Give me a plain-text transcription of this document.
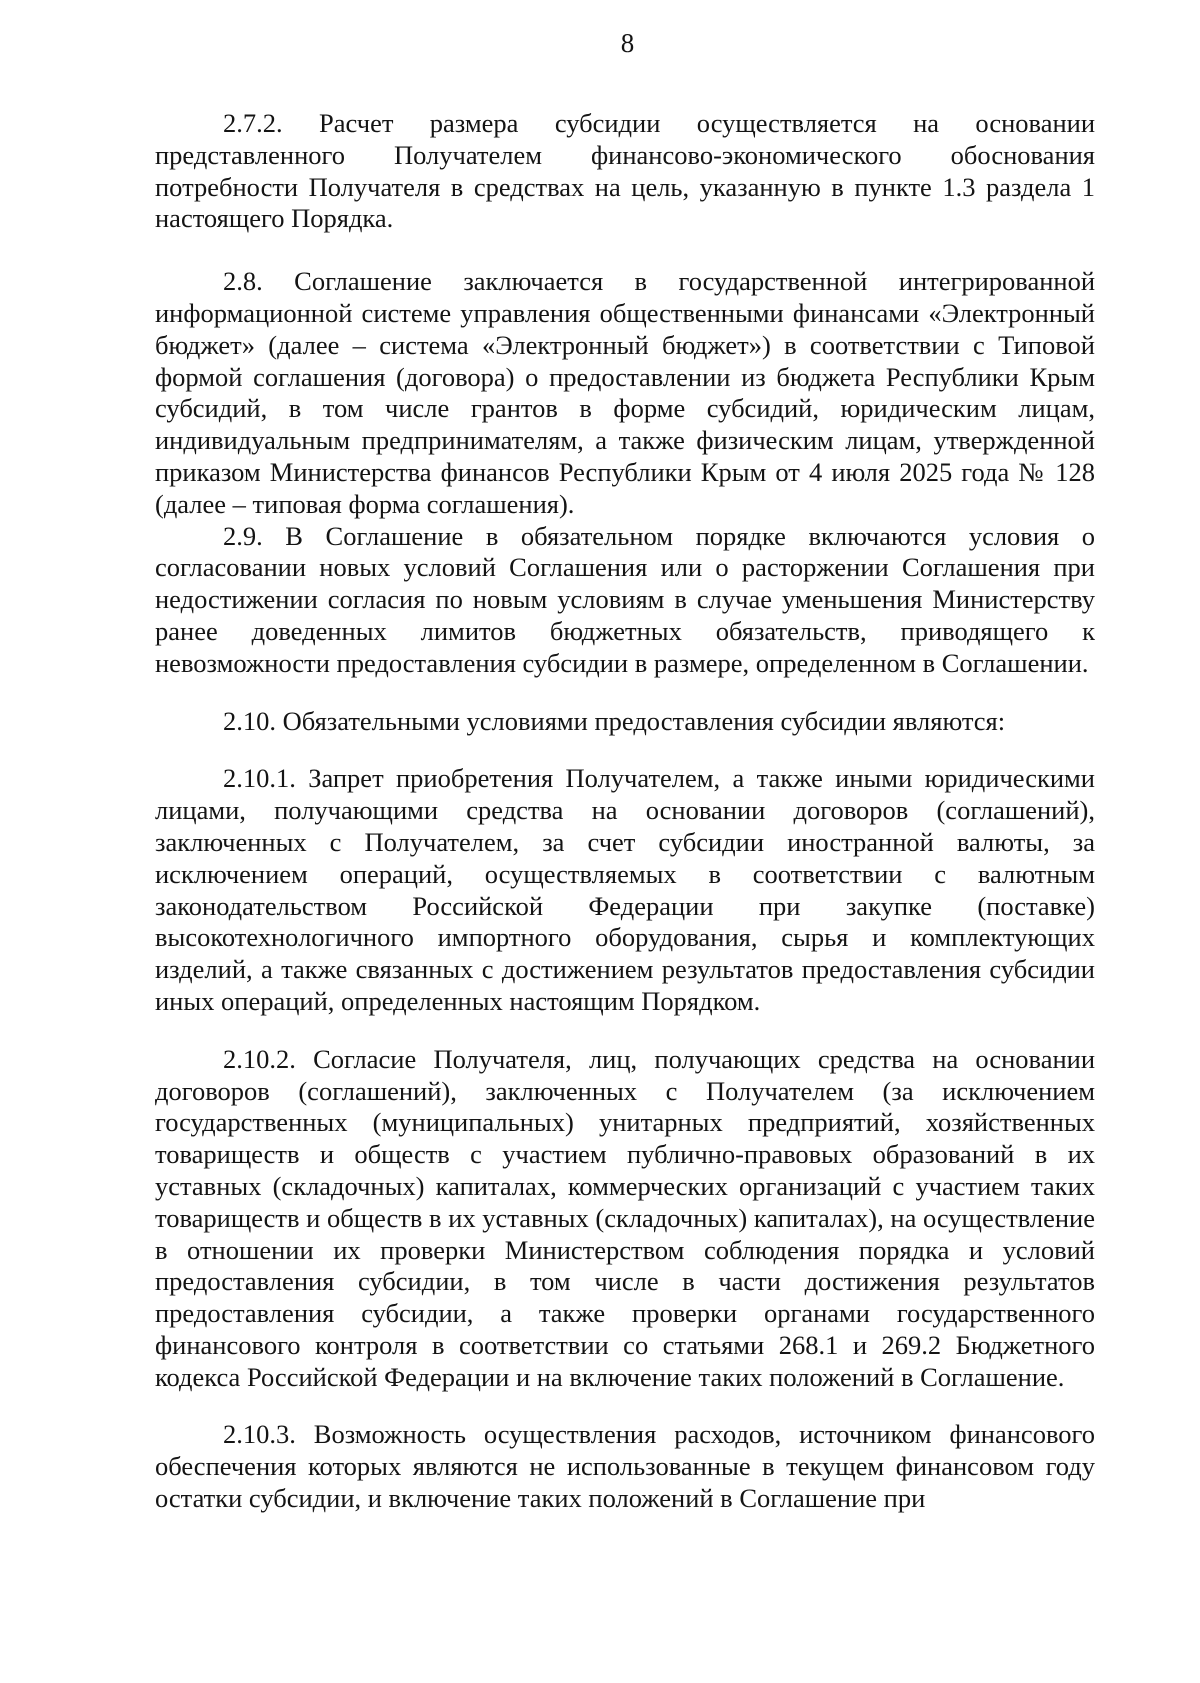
8

2.7.2. Расчет размера субсидии осуществляется на основании представленного Получателем финансово-экономического обоснования потребности Получателя в средствах на цель, указанную в пункте 1.3 раздела 1 настоящего Порядка.

2.8. Соглашение заключается в государственной интегрированной информационной системе управления общественными финансами «Электронный бюджет» (далее – система «Электронный бюджет») в соответствии с Типовой формой соглашения (договора) о предоставлении из бюджета Республики Крым субсидий, в том числе грантов в форме субсидий, юридическим лицам, индивидуальным предпринимателям, а также физическим лицам, утвержденной приказом Министерства финансов Республики Крым от 4 июля 2025 года № 128 (далее – типовая форма соглашения).

2.9. В Соглашение в обязательном порядке включаются условия о согласовании новых условий Соглашения или о расторжении Соглашения при недостижении согласия по новым условиям в случае уменьшения Министерству ранее доведенных лимитов бюджетных обязательств, приводящего к невозможности предоставления субсидии в размере, определенном в Соглашении.

2.10. Обязательными условиями предоставления субсидии являются:

2.10.1. Запрет приобретения Получателем, а также иными юридическими лицами, получающими средства на основании договоров (соглашений), заключенных с Получателем, за счет субсидии иностранной валюты, за исключением операций, осуществляемых в соответствии с валютным законодательством Российской Федерации при закупке (поставке) высокотехнологичного импортного оборудования, сырья и комплектующих изделий, а также связанных с достижением результатов предоставления субсидии иных операций, определенных настоящим Порядком.

2.10.2. Согласие Получателя, лиц, получающих средства на основании договоров (соглашений), заключенных с Получателем (за исключением государственных (муниципальных) унитарных предприятий, хозяйственных товариществ и обществ с участием публично-правовых образований в их уставных (складочных) капиталах, коммерческих организаций с участием таких товариществ и обществ в их уставных (складочных) капиталах), на осуществление в отношении их проверки Министерством соблюдения порядка и условий предоставления субсидии, в том числе в части достижения результатов предоставления субсидии, а также проверки органами государственного финансового контроля в соответствии со статьями 268.1 и 269.2 Бюджетного кодекса Российской Федерации и на включение таких положений в Соглашение.

2.10.3. Возможность осуществления расходов, источником финансового обеспечения которых являются не использованные в текущем финансовом году остатки субсидии, и включение таких положений в Соглашение при
